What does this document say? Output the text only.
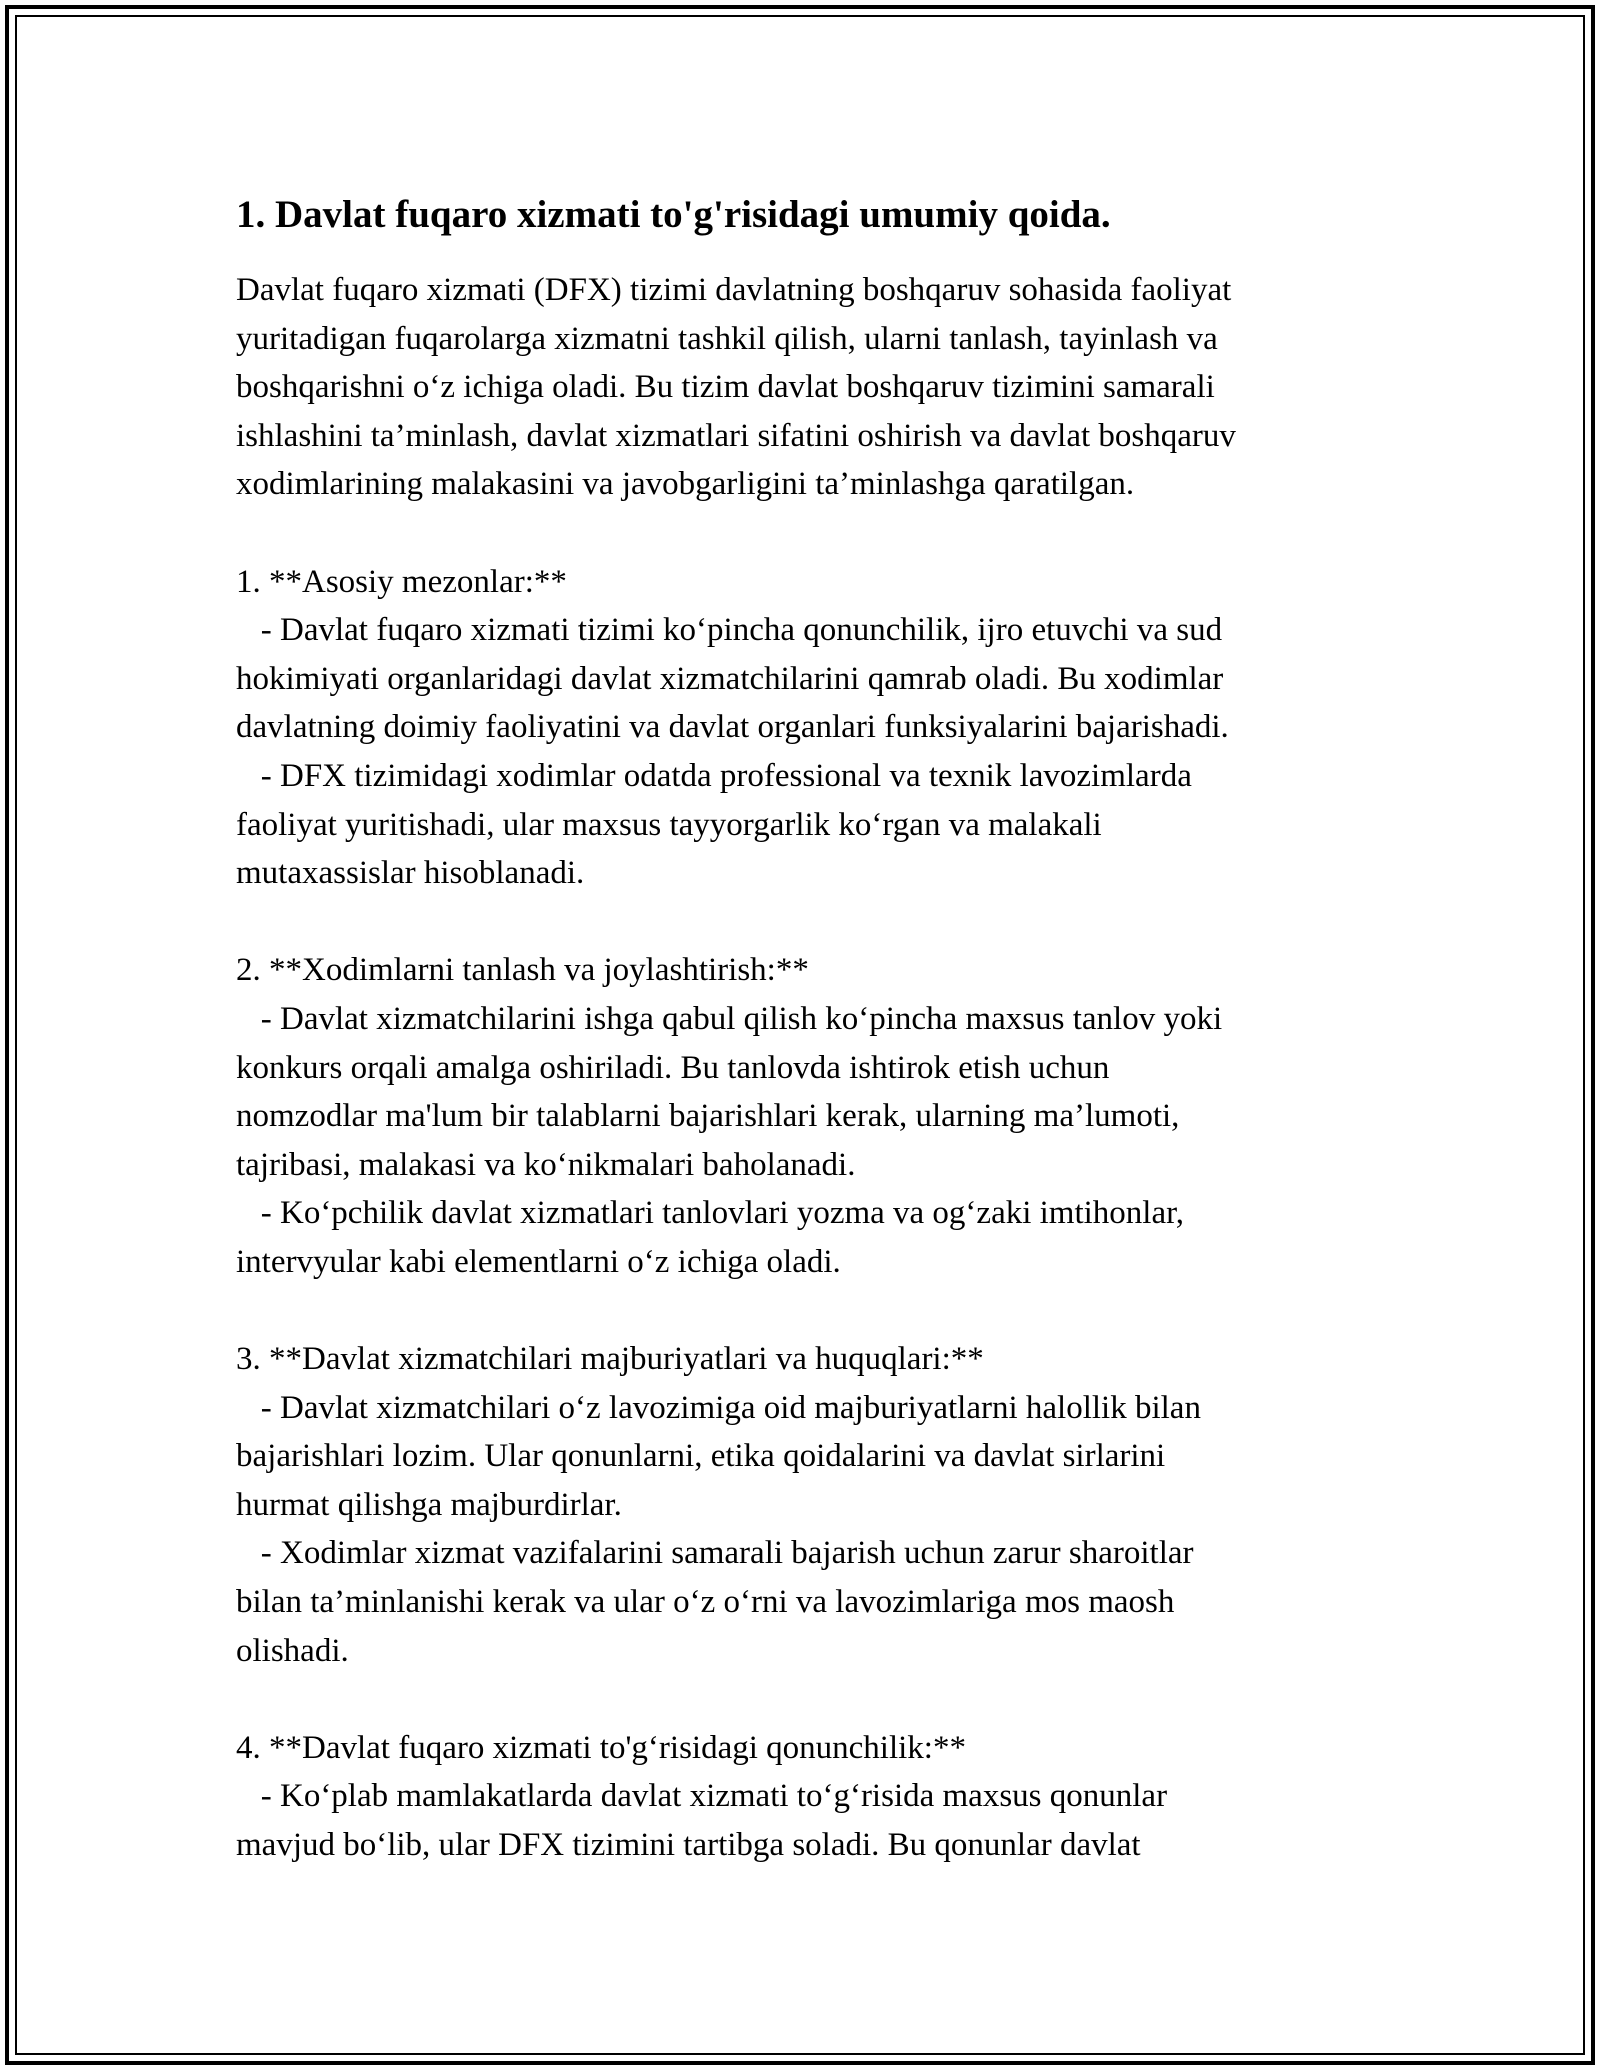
1. Davlat fuqaro xizmati to'g'risidagi umumiy qoida.
Davlat fuqaro xizmati (DFX) tizimi davlatning boshqaruv sohasida faoliyat
yuritadigan fuqarolarga xizmatni tashkil qilish, ularni tanlash, tayinlash va
boshqarishni o‘z ichiga oladi. Bu tizim davlat boshqaruv tizimini samarali
ishlashini ta’minlash, davlat xizmatlari sifatini oshirish va davlat boshqaruv
xodimlarining malakasini va javobgarligini ta’minlashga qaratilgan.
1. **Asosiy mezonlar:**
- Davlat fuqaro xizmati tizimi ko‘pincha qonunchilik, ijro etuvchi va sud
hokimiyati organlaridagi davlat xizmatchilarini qamrab oladi. Bu xodimlar
davlatning doimiy faoliyatini va davlat organlari funksiyalarini bajarishadi.
- DFX tizimidagi xodimlar odatda professional va texnik lavozimlarda
faoliyat yuritishadi, ular maxsus tayyorgarlik ko‘rgan va malakali
mutaxassislar hisoblanadi.
2. **Xodimlarni tanlash va joylashtirish:**
- Davlat xizmatchilarini ishga qabul qilish ko‘pincha maxsus tanlov yoki
konkurs orqali amalga oshiriladi. Bu tanlovda ishtirok etish uchun
nomzodlar ma'lum bir talablarni bajarishlari kerak, ularning ma’lumoti,
tajribasi, malakasi va ko‘nikmalari baholanadi.
- Ko‘pchilik davlat xizmatlari tanlovlari yozma va og‘zaki imtihonlar,
intervyular kabi elementlarni o‘z ichiga oladi.
3. **Davlat xizmatchilari majburiyatlari va huquqlari:**
- Davlat xizmatchilari o‘z lavozimiga oid majburiyatlarni halollik bilan
bajarishlari lozim. Ular qonunlarni, etika qoidalarini va davlat sirlarini
hurmat qilishga majburdirlar.
- Xodimlar xizmat vazifalarini samarali bajarish uchun zarur sharoitlar
bilan ta’minlanishi kerak va ular o‘z o‘rni va lavozimlariga mos maosh
olishadi.
4. **Davlat fuqaro xizmati to'g‘risidagi qonunchilik:**
- Ko‘plab mamlakatlarda davlat xizmati to‘g‘risida maxsus qonunlar
mavjud bo‘lib, ular DFX tizimini tartibga soladi. Bu qonunlar davlat
